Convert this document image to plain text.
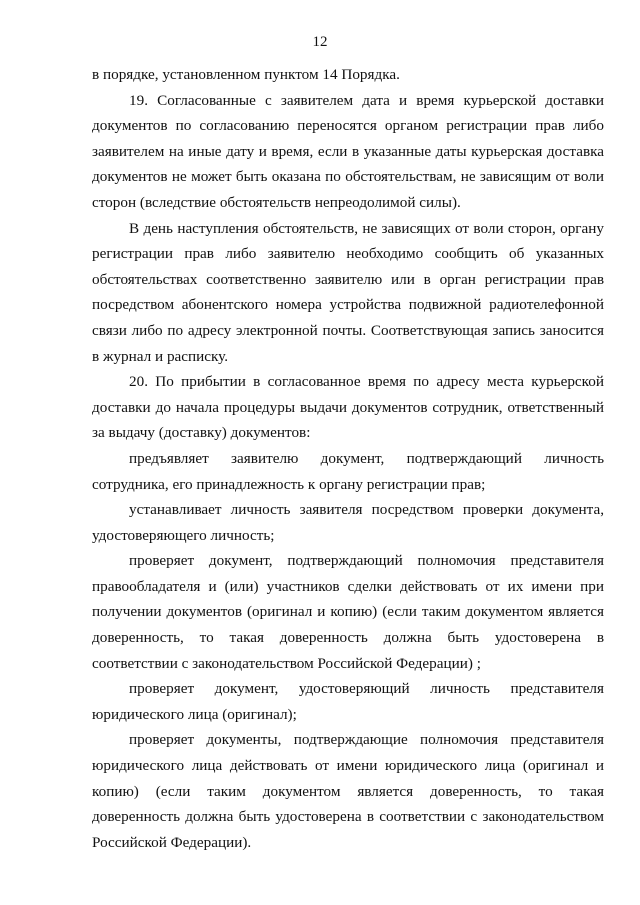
12

в порядке, установленном пунктом 14 Порядка.

19. Согласованные с заявителем дата и время курьерской доставки документов по согласованию переносятся органом регистрации прав либо заявителем на иные дату и время, если в указанные даты курьерская доставка документов не может быть оказана по обстоятельствам, не зависящим от воли сторон (вследствие обстоятельств непреодолимой силы).

В день наступления обстоятельств, не зависящих от воли сторон, органу регистрации прав либо заявителю необходимо сообщить об указанных обстоятельствах соответственно заявителю или в орган регистрации прав посредством абонентского номера устройства подвижной радиотелефонной связи либо по адресу электронной почты. Соответствующая запись заносится в журнал и расписку.

20. По прибытии в согласованное время по адресу места курьерской доставки до начала процедуры выдачи документов сотрудник, ответственный за выдачу (доставку) документов:

предъявляет заявителю документ, подтверждающий личность сотрудника, его принадлежность к органу регистрации прав;

устанавливает личность заявителя посредством проверки документа, удостоверяющего личность;

проверяет документ, подтверждающий полномочия представителя правообладателя и (или) участников сделки действовать от их имени при получении документов (оригинал и копию) (если таким документом является доверенность, то такая доверенность должна быть удостоверена в соответствии с законодательством Российской Федерации) ;

проверяет документ, удостоверяющий личность представителя юридического лица (оригинал);

проверяет документы, подтверждающие полномочия представителя юридического лица действовать от имени юридического лица (оригинал и копию) (если таким документом является доверенность, то такая доверенность должна быть удостоверена в соответствии с законодательством Российской Федерации).
